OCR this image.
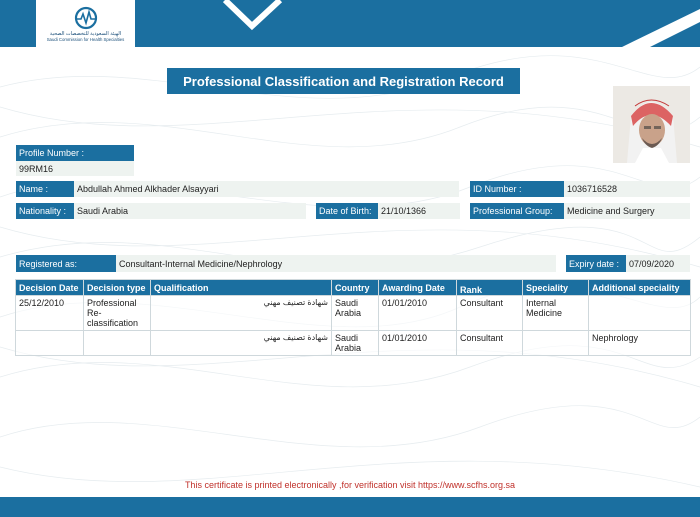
الهيئة السعودية للتخصصات الصحية
Saudi Commission for Health Specialties
Professional Classification and Registration Record
Profile Number :
99RM16
Name :	Abdullah Ahmed Alkhader Alsayyari	ID Number :	1036716528
Nationality :	Saudi Arabia	Date of Birth:	21/10/1366	Professional Group:	Medicine and Surgery
Registered as:	Consultant-Internal Medicine/Nephrology	Expiry date :	07/09/2020
Decision Date	Decision type	Qualification	Country	Awarding Date	Rank	Speciality	Additional speciality
25/12/2010	Professional Re-classification	شهادة تصنيف مهني	Saudi Arabia	01/01/2010	Consultant	Internal Medicine	
		شهادة تصنيف مهني	Saudi Arabia	01/01/2010	Consultant		Nephrology
This certificate is printed electronically ,for verification visit https://www.scfhs.org.sa
